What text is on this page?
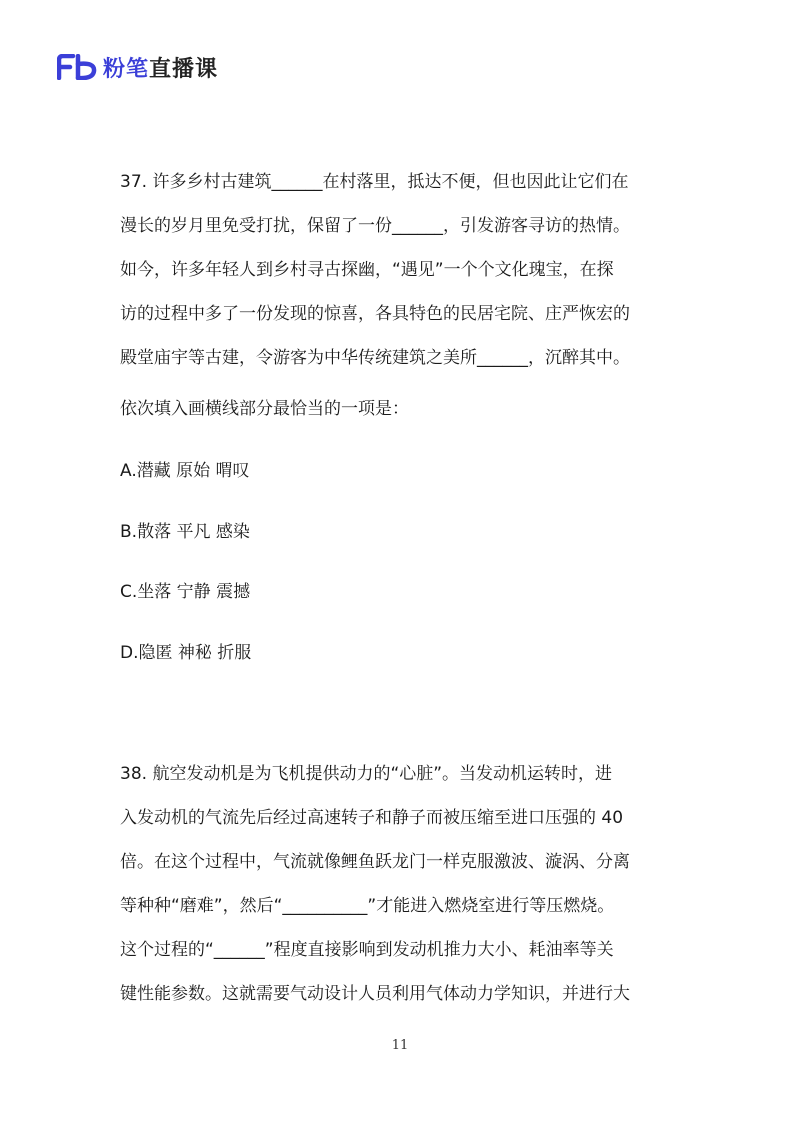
粉笔直播课

37. 许多乡村古建筑______在村落里，抵达不便，但也因此让它们在
漫长的岁月里免受打扰，保留了一份______，引发游客寻访的热情。
如今，许多年轻人到乡村寻古探幽，“遇见”一个个文化瑰宝，在探
访的过程中多了一份发现的惊喜，各具特色的民居宅院、庄严恢宏的
殿堂庙宇等古建，令游客为中华传统建筑之美所______，沉醉其中。

依次填入画横线部分最恰当的一项是：

A.潜藏 原始 喟叹

B.散落 平凡 感染

C.坐落 宁静 震撼

D.隐匿 神秘 折服

38. 航空发动机是为飞机提供动力的“心脏”。当发动机运转时，进
入发动机的气流先后经过高速转子和静子而被压缩至进口压强的 40
倍。在这个过程中，气流就像鲤鱼跃龙门一样克服激波、漩涡、分离
等种种“磨难”，然后“__________”才能进入燃烧室进行等压燃烧。
这个过程的“______”程度直接影响到发动机推力大小、耗油率等关
键性能参数。这就需要气动设计人员利用气体动力学知识，并进行大

11
